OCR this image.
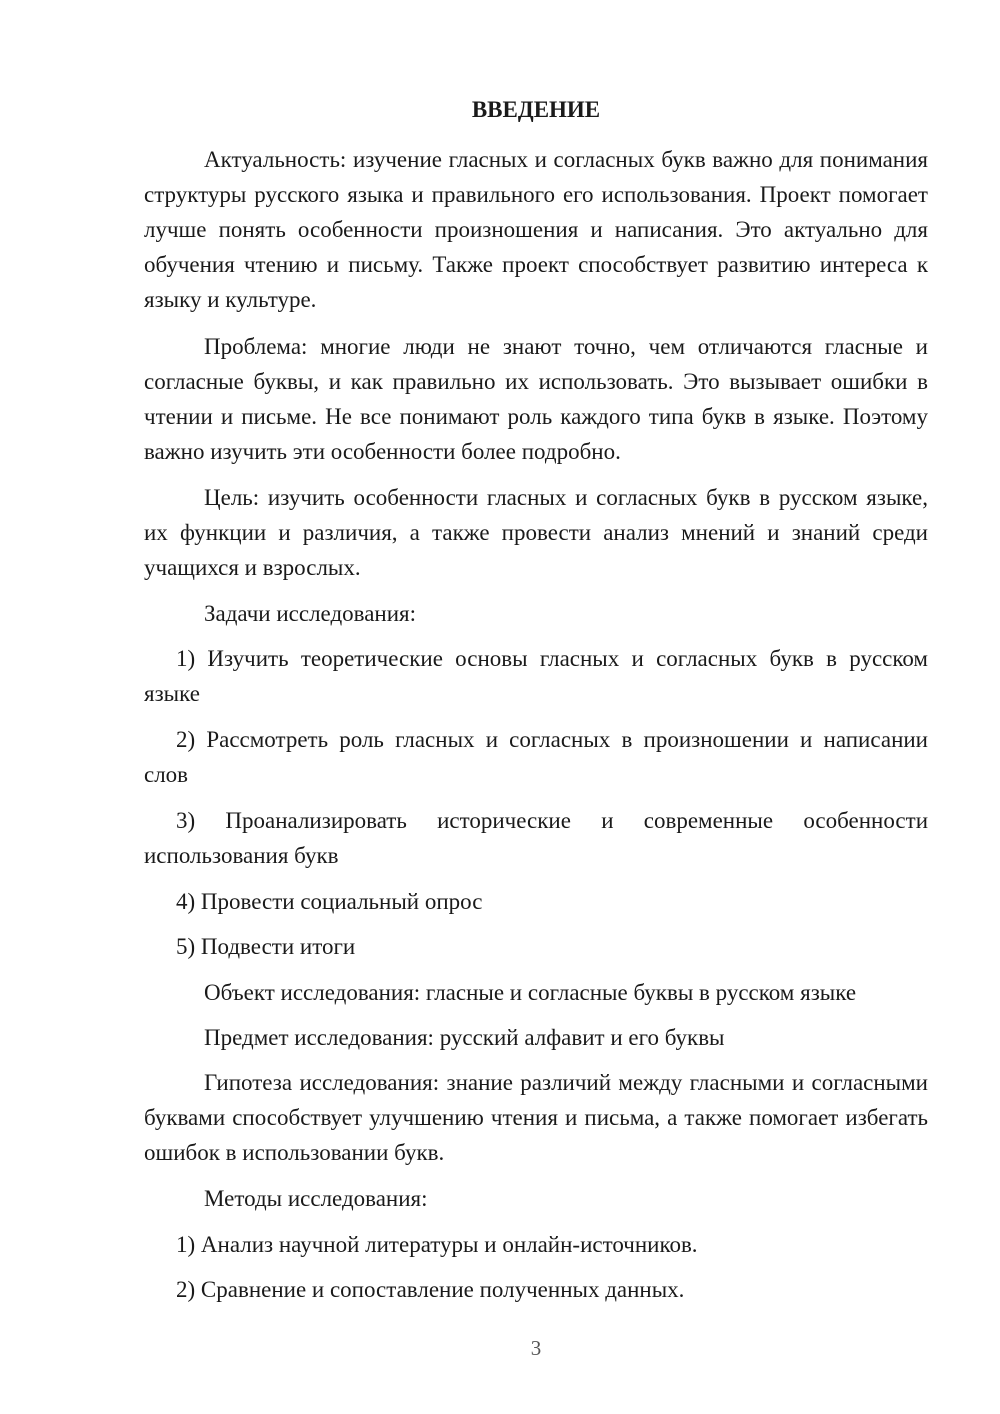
ВВЕДЕНИЕ

Актуальность: изучение гласных и согласных букв важно для понимания структуры русского языка и правильного его использования. Проект помогает лучше понять особенности произношения и написания. Это актуально для обучения чтению и письму. Также проект способствует развитию интереса к языку и культуре.

Проблема: многие люди не знают точно, чем отличаются гласные и согласные буквы, и как правильно их использовать. Это вызывает ошибки в чтении и письме. Не все понимают роль каждого типа букв в языке. Поэтому важно изучить эти особенности более подробно.

Цель: изучить особенности гласных и согласных букв в русском языке, их функции и различия, а также провести анализ мнений и знаний среди учащихся и взрослых.

Задачи исследования:

1) Изучить теоретические основы гласных и согласных букв в русском языке

2) Рассмотреть роль гласных и согласных в произношении и написании слов

3) Проанализировать исторические и современные особенности использования букв

4) Провести социальный опрос

5) Подвести итоги

Объект исследования: гласные и согласные буквы в русском языке

Предмет исследования: русский алфавит и его буквы

Гипотеза исследования: знание различий между гласными и согласными буквами способствует улучшению чтения и письма, а также помогает избегать ошибок в использовании букв.

Методы исследования:

1) Анализ научной литературы и онлайн-источников.

2) Сравнение и сопоставление полученных данных.

3
